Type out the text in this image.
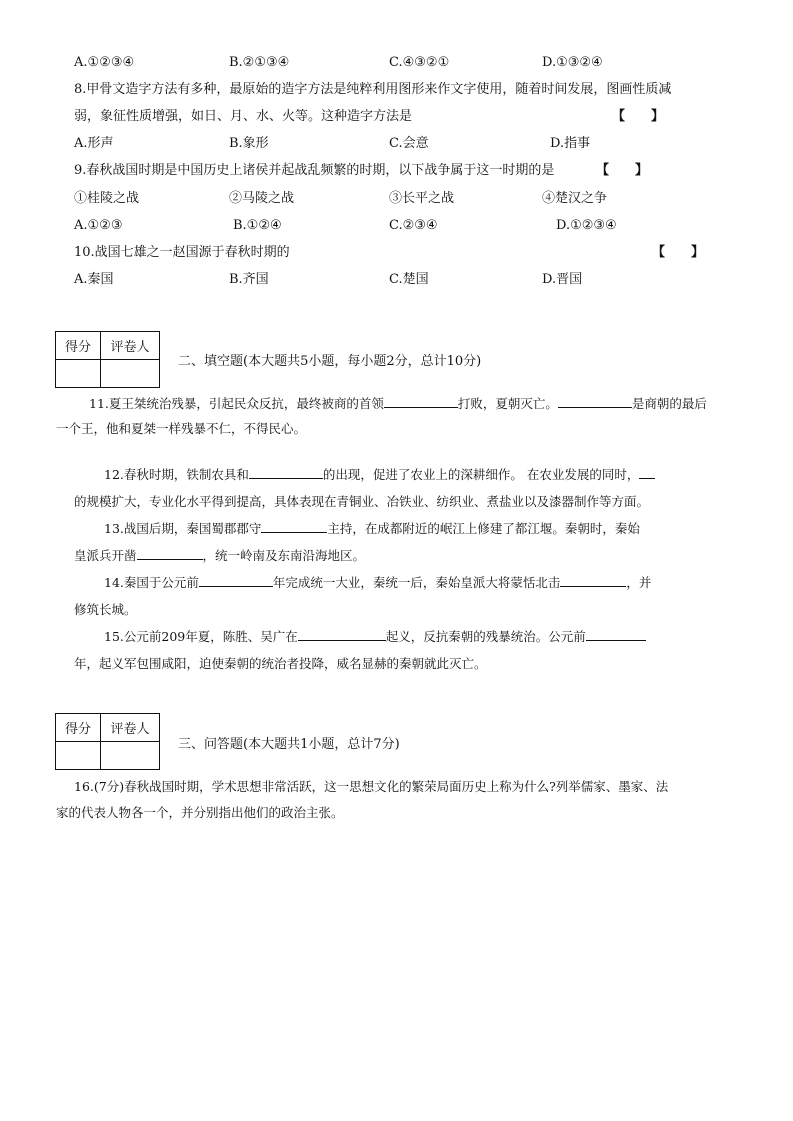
A.①②③④	B.②①③④	C.④③②①	D.①③②④
8.甲骨文造字方法有多种，最原始的造字方法是纯粹利用图形来作文字使用，随着时间发展，图画性质减
弱，象征性质增强，如日、月、水、火等。这种造字方法是	【　　】
A.形声	B.象形	C.会意	D.指事
9.春秋战国时期是中国历史上诸侯并起战乱频繁的时期，以下战争属于这一时期的是	【　　】
①桂陵之战	②马陵之战	③长平之战	④楚汉之争
A.①②③	B.①②④	C.②③④	D.①②③④
10.战国七雄之一赵国源于春秋时期的	【　　】
A.秦国	B.齐国	C.楚国	D.晋国
得分	评卷人

二、填空题(本大题共5小题，每小题2分，总计10分)
11.夏王桀统治残暴，引起民众反抗，最终被商的首领	打败，夏朝灭亡。	是商朝的最后
一个王，他和夏桀一样残暴不仁，不得民心。
12.春秋时期，铁制农具和	的出现，促进了农业上的深耕细作。 在农业发展的同时，
的规模扩大，专业化水平得到提高，具体表现在青铜业、冶铁业、纺织业、煮盐业以及漆器制作等方面。
13.战国后期，秦国蜀郡郡守	主持，在成都附近的岷江上修建了都江堰。秦朝时，秦始
皇派兵开凿	，统一岭南及东南沿海地区。
14.秦国于公元前	年完成统一大业，秦统一后，秦始皇派大将蒙恬北击	，并
修筑长城。
15.公元前209年夏，陈胜、吴广在	起义，反抗秦朝的残暴统治。公元前
年，起义军包围咸阳，迫使秦朝的统治者投降，威名显赫的秦朝就此灭亡。
得分	评卷人

三、问答题(本大题共1小题，总计7分)
16.(7分)春秋战国时期，学术思想非常活跃，这一思想文化的繁荣局面历史上称为什么?列举儒家、墨家、法
家的代表人物各一个，并分别指出他们的政治主张。
